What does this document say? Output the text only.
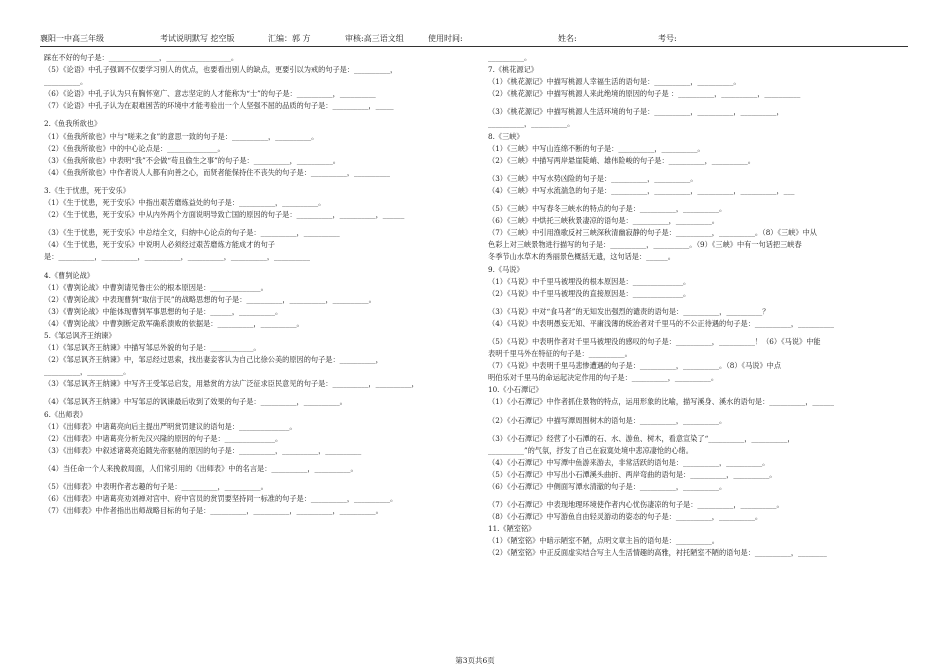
襄阳一中高三年级	考试说明默写 挖空版	汇编：郭 方	审核:高三语文组	使用时间:	姓名:	考号:
踩在不好的句子是：______________，__________________。
（5）《论语》中孔子强调不仅要学习别人的优点，也要看出别人的缺点，更要引以为戒的句子是：__________，
__________。
（6）《论语》中孔子认为只有胸怀宽广、意志坚定的人才能称为“士”的句子是：__________，__________
（7）《论语》中孔子认为在艰难困苦的环境中才能考验出一个人坚强不屈的品质的句子是：__________，_____
2.《鱼我所欲也》
（1）《鱼我所欲也》中与“嗟来之食”的意思一致的句子是：__________，__________。
（2）《鱼我所欲也》中的中心论点是：______________。
（3）《鱼我所欲也》中表明“我”不会做“苟且偷生之事”的句子是：__________，__________。
（4）《鱼我所欲也》中作者说人人都有向善之心，而贤者能保持住不丧失的句子是：__________，__________
3.《生于忧患，死于安乐》
（1）《生于忧患，死于安乐》中指出艰苦磨炼益处的句子是：__________，__________。
（2）《生于忧患，死于安乐》中从内外两个方面说明导致亡国的原因的句子是：__________，__________，______
（3）《生于忧患，死于安乐》中总结全文，归纳中心论点的句子是：__________，__________
（4）《生于忧患，死于安乐》中说明人必须经过艰苦磨炼方能成才的句子
是：__________，__________，__________，__________，__________，__________
4.《曹刿论战》
（1）《曹刿论战》中曹刿请见鲁庄公的根本原因是：______________。
（2）《曹刿论战》中表现曹刿“取信于民”的战略思想的句子是：__________，__________，__________。
（3）《曹刿论战》中能体现曹刿军事思想的句子是：______，__________。
（4）《曹刿论战》中曹刿断定敌军确系溃败的依据是：__________，__________。
5.《邹忌讽齐王纳谏》
（1）《邹忌讽齐王纳谏》中描写邹忌外貌的句子是：____________。
（2）《邹忌讽齐王纳谏》中，邹忌经过思索，找出妻妾客认为自己比徐公美的原因的句子是：__________，
__________，__________。
（3）《邹忌讽齐王纳谏》中写齐王受邹忌启发，用悬赏的方法广泛征求臣民意见的句子是：__________，__________，
（4）《邹忌讽齐王纳谏》中写邹忌的讽谏最后收到了效果的句子是：__________，__________。
6.《出师表》
（1）《出师表》中诸葛亮向后主提出严明赏罚建议的语句是：______________。
（2）《出师表》中诸葛亮分析先汉兴隆的原因的句子是：______________。
（3）《出师表》中叙述诸葛亮追随先帝驱驰的原因的句子是：__________，__________，__________
（4）当任命一个人来挽救局面，人们常引用的《出师表》中的名言是：__________，__________。
（5）《出师表》中表明作者志趣的句子是：__________，__________。
（6）《出师表》中诸葛亮劝刘禅对宫中、府中官员的赏罚要坚持同一标准的句子是：__________，__________。
（7）《出师表》中作者指出出师战略目标的句子是：__________，__________，__________，__________。
__________。
7.《桃花源记》
（1）《桃花源记》中描写桃源人幸福生活的语句是：__________，__________。
（2）《桃花源记》中描写桃源人来此绝境的原因的句子是 ：__________，__________，__________
（3）《桃花源记》中描写桃源人生活环境的句子是：__________，__________，__________，
__________，__________。
8.《三峡》
（1）《三峡》中写山连绵不断的句子是：__________，__________。
（2）《三峡》中描写两岸悬崖陡峭、雄伟险峻的句子是：__________，__________。
（3）《三峡》中写水势凶险的句子是：__________，__________。
（4）《三峡》中写水流湍急的句子是：__________，__________，__________，__________，___
（5）《三峡》中写春冬三峡水的特点的句子是：__________，__________。
（6）《三峡》中烘托三峡秋景凄凉的语句是：__________，__________。
（7）《三峡》中引用渔歌反衬三峡深秋清幽寂静的句子是：__________，__________。（8）《三峡》中从
色彩上对三峡景物进行描写的句子是：__________，__________。（9）《三峡》中有一句话把三峡春
冬季节山水草木的秀丽景色概括无遗，这句话是：______。
9.《马说》
（1）《马说》中千里马被埋没的根本原因是：______________。
（2）《马说》中千里马被埋没的直接原因是：______________。
（3）《马说》中对“食马者”的无知发出强烈的谴责的语句是：__________，__________？
（4）《马说》中表明愚妄无知、平庸浅薄的统治者对千里马的不公正待遇的句子是：__________，__________
（5）《马说》中表明作者对千里马被埋没的感叹的句子是：__________，__________！（6）《马说》中能
表明千里马外在特征的句子是：__________。
（7）《马说》中表明千里马悲惨遭遇的句子是：__________，__________。（8）《马说》中点
明伯乐对千里马的命运起决定作用的句子是：__________，__________。
10.《小石潭记》
（1）《小石潭记》中作者抓住景物的特点，运用形象的比喻，描写溪身、溪水的语句是：__________，______
（2）《小石潭记》中描写潭周围树木的语句是：__________，__________。
（3）《小石潭记》经营了小石潭的石、水、游鱼、树木，看意宣染了“__________，__________，
__________”的气氛，抒发了自己在寂寞处境中悲凉凄怆的心绪。
（4）《小石潭记》中写潭中鱼游来游去，非常活跃的语句是：__________，__________。
（5）《小石潭记》中写出小石潭溪头曲折、两岸弯曲的语句是：__________，__________。
（6）《小石潭记》中侧面写潭水清澈的句子是：__________，__________。
（7）《小石潭记》中表现地理环境使作者内心忧伤凄凉的句子是：__________，__________。
（8）《小石潭记》中写游鱼自由轻灵游动的姿态的句子是：__________，__________。
11.《陋室铭》
（1）《陋室铭》中暗示陋室不陋，点明文章主旨的语句是：__________。
（2）《陋室铭》中正反面虚实结合写主人生活情趣的高雅，衬托陋室不陋的语句是：__________，________
第3页共6页
